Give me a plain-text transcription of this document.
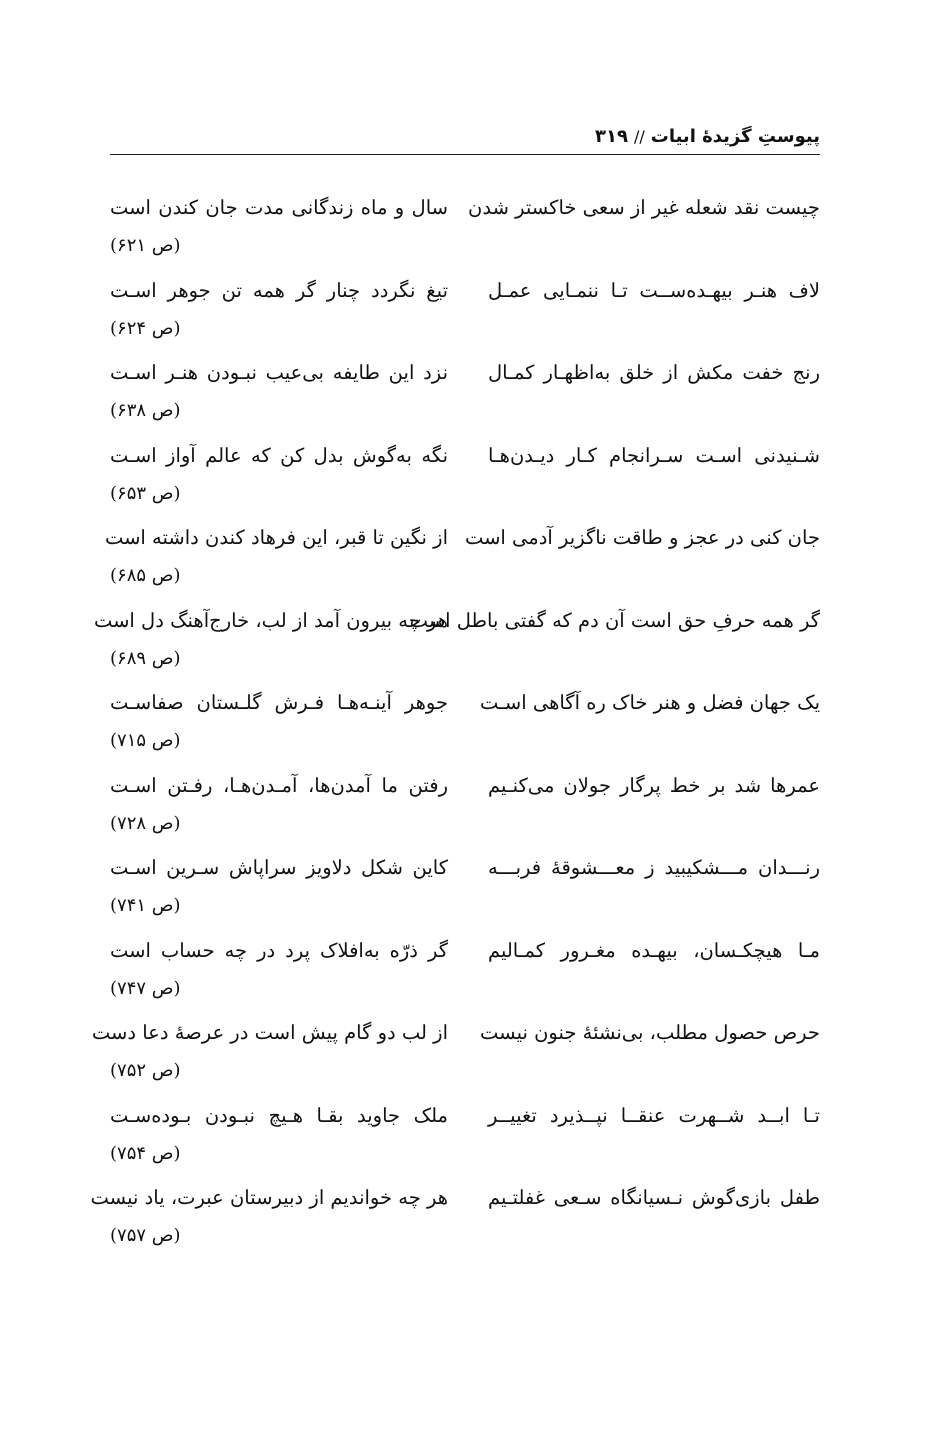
پیوستِ گزیدهٔ ابیات//۳۱۹
چیست نقد شعله غیر از سعی خاکستر شدن
سال و ماه زندگانی مدت جان کندن است
(ص ۶۲۱)
لاف هنـر بیهـده‌ســت تـا ننمـایی عمـل
تیغ نگردد چنار گر همه تن جوهر اسـت
(ص ۶۲۴)
رنج خفت مکش از خلق به‌اظهـار کمـال
نزد این طایفه بی‌عیب نبـودن هنـر اسـت
(ص ۶۳۸)
شـنیدنی اسـت سـرانجام کـار دیـدن‌هـا
نگه به‌گوش بدل کن که عالم آواز اسـت
(ص ۶۵۳)
جان کنی در عجز و طاقت ناگزیر آدمی است
از نگین تا قبر، این فرهاد کندن داشته است
(ص ۶۸۵)
گر همه حرفِ حق است آن دم که گفتی باطل است
هر چه بیرون آمد از لب، خارج‌آهنگ دل است
(ص ۶۸۹)
یک جهان فضل و هنر خاک ره آگاهی اسـت
جوهر آینـه‌هـا فـرش گلـستان صفاسـت
(ص ۷۱۵)
عمرها شد بر خط پرگار جولان می‌کنـیم
رفتن ما آمدن‌ها، آمـدن‌هـا، رفـتن اسـت
(ص ۷۲۸)
رنـــدان مـــشکیبید ز معـــشوقهٔ فربـــه
کاین شکل دلاویز سراپاش سـرین اسـت
(ص ۷۴۱)
مـا هیچکـسان، بیهـده مغـرور کمـالیم
گر ذرّه به‌افلاک پرد در چه حساب است
(ص ۷۴۷)
حرص حصول مطلب، بی‌نشئهٔ جنون نیست
از لب دو گام پیش است در عرصهٔ دعا دست
(ص ۷۵۲)
تـا ابــد شــهرت عنقــا نپــذیرد تغییــر
ملک جاوید بقـا هـیچ نبـودن بـوده‌سـت
(ص ۷۵۴)
طفل بازی‌گوش نـسیانگاه سـعی غفلتـیم
هر چه خواندیم از دبیرستان عبرت، یاد نیست
(ص ۷۵۷)
